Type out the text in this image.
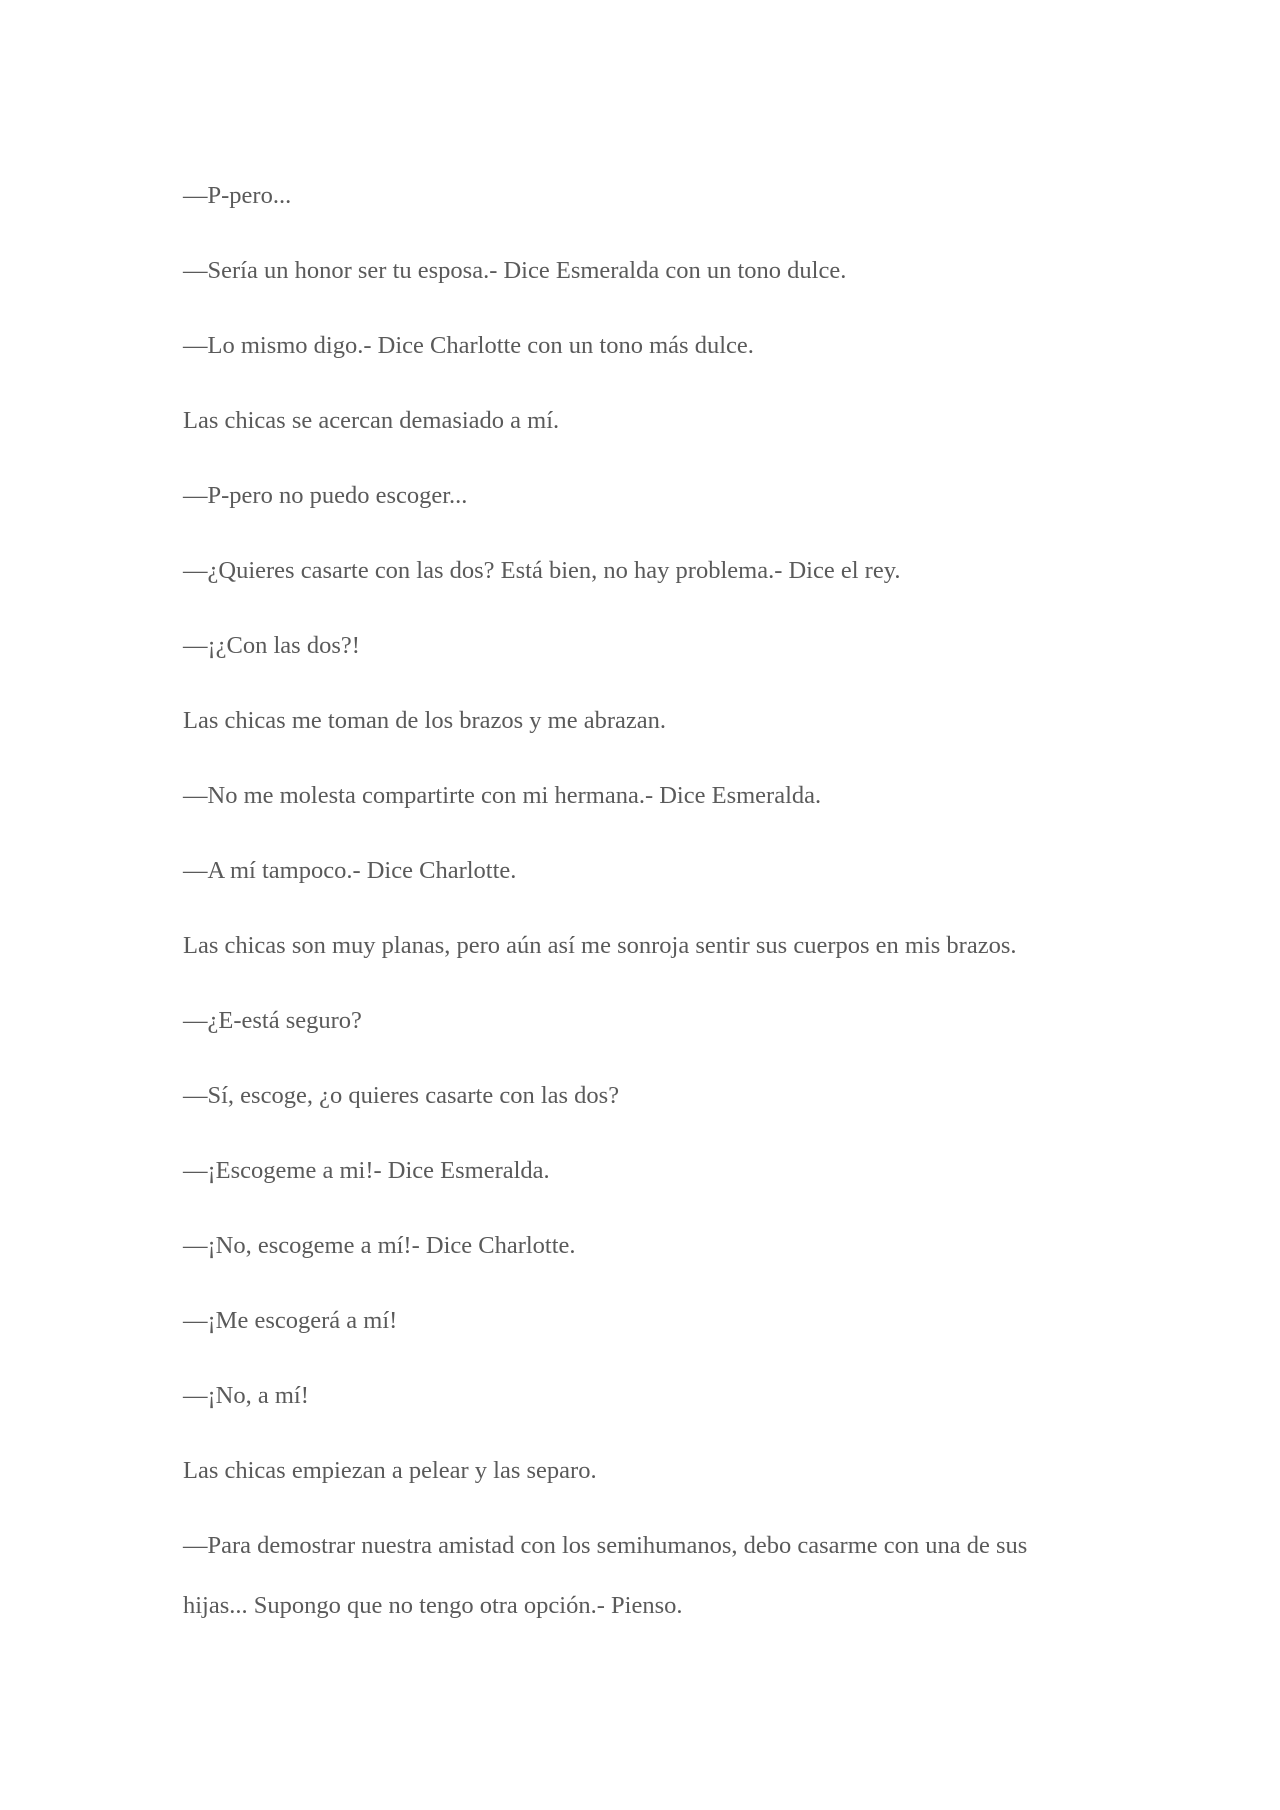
—P-pero...

—Sería un honor ser tu esposa.- Dice Esmeralda con un tono dulce.

—Lo mismo digo.- Dice Charlotte con un tono más dulce.

Las chicas se acercan demasiado a mí.

—P-pero no puedo escoger...

—¿Quieres casarte con las dos? Está bien, no hay problema.- Dice el rey.

—¡¿Con las dos?!

Las chicas me toman de los brazos y me abrazan.

—No me molesta compartirte con mi hermana.- Dice Esmeralda.

—A mí tampoco.- Dice Charlotte.

Las chicas son muy planas, pero aún así me sonroja sentir sus cuerpos en mis brazos.

—¿E-está seguro?

—Sí, escoge, ¿o quieres casarte con las dos?

—¡Escogeme a mi!- Dice Esmeralda.

—¡No, escogeme a mí!- Dice Charlotte.

—¡Me escogerá a mí!

—¡No, a mí!

Las chicas empiezan a pelear y las separo.

—Para demostrar nuestra amistad con los semihumanos, debo casarme con una de sus hijas... Supongo que no tengo otra opción.- Pienso.
